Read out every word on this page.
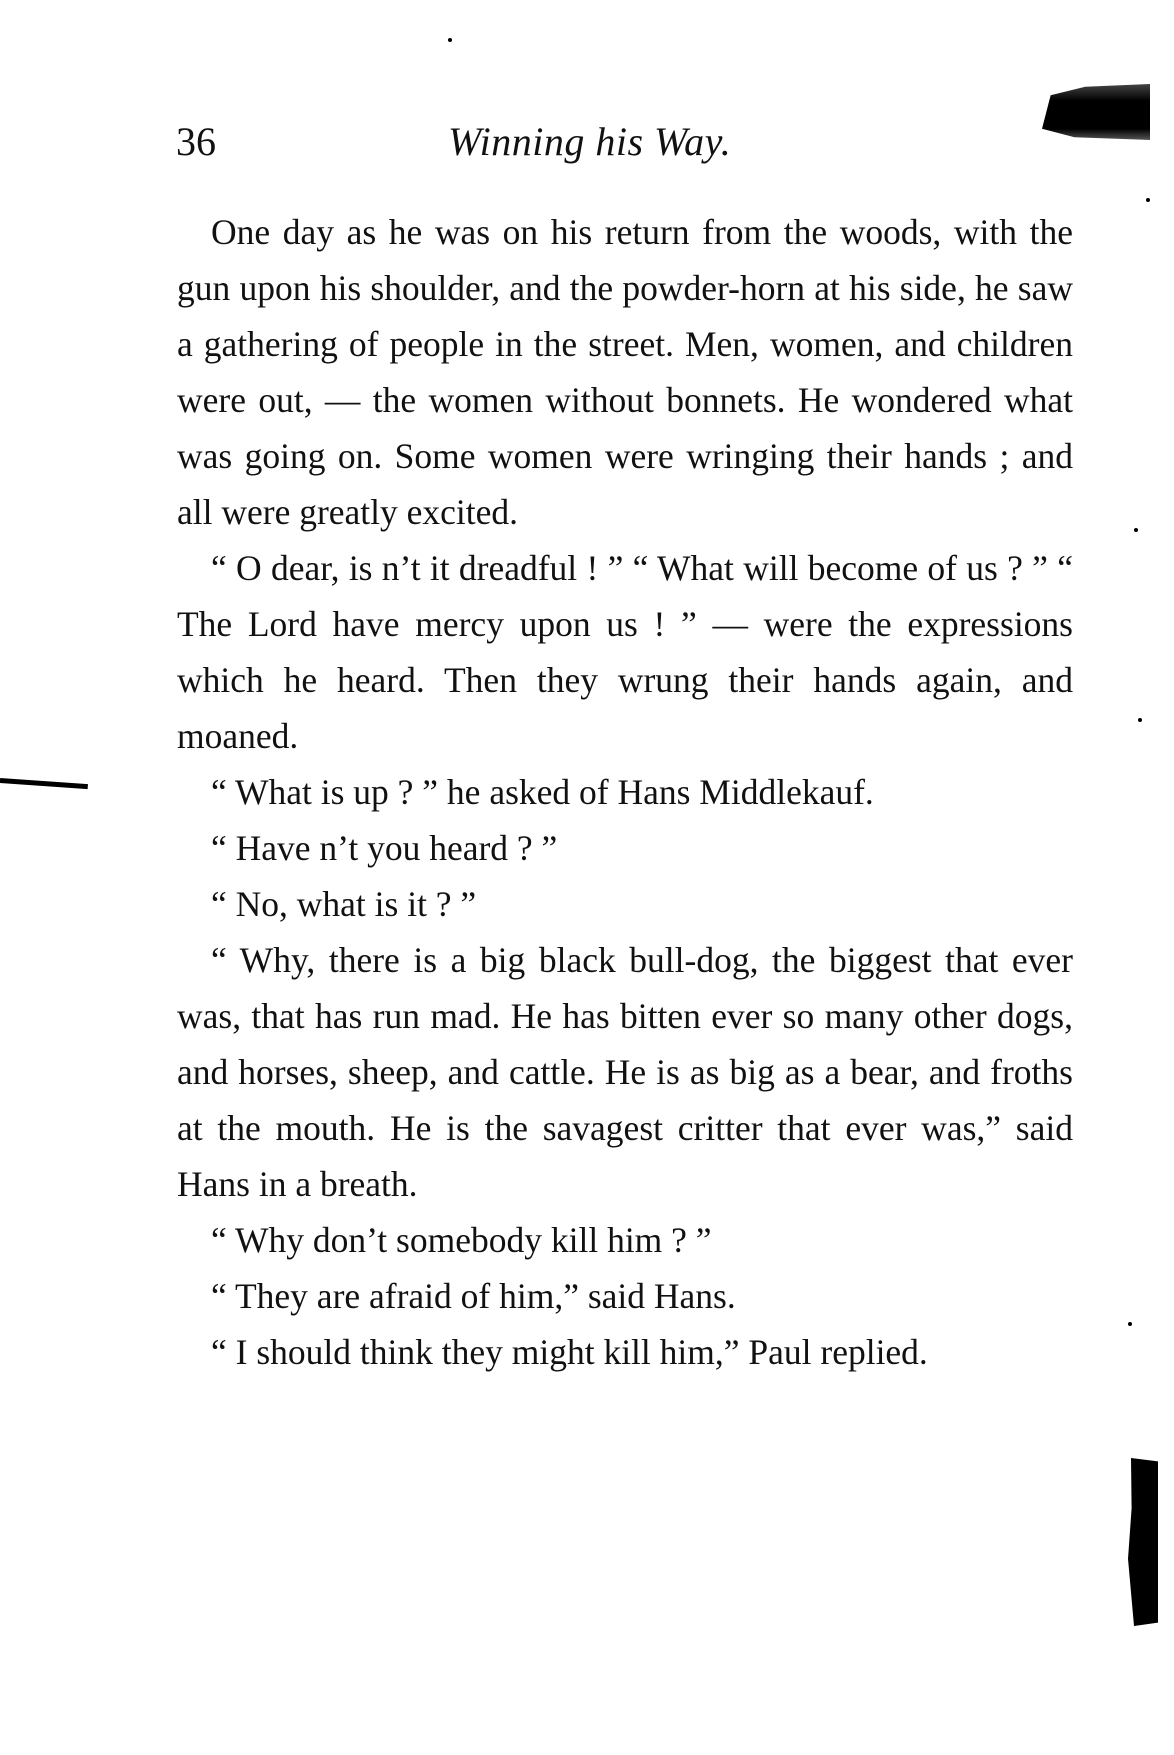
36	Winning his Way.

One day as he was on his return from the woods, with the gun upon his shoulder, and the powder-horn at his side, he saw a gathering of people in the street. Men, women, and children were out, — the women without bonnets. He wondered what was going on. Some women were wringing their hands ; and all were greatly excited.

“ O dear, is n’t it dreadful ! ” “ What will become of us ? ” “ The Lord have mercy upon us ! ” — were the expressions which he heard. Then they wrung their hands again, and moaned.

“ What is up ? ” he asked of Hans Middlekauf.

“ Have n’t you heard ? ”

“ No, what is it ? ”

“ Why, there is a big black bull-dog, the biggest that ever was, that has run mad. He has bitten ever so many other dogs, and horses, sheep, and cattle. He is as big as a bear, and froths at the mouth. He is the savagest critter that ever was,” said Hans in a breath.

“ Why don’t somebody kill him ? ”

“ They are afraid of him,” said Hans.

“ I should think they might kill him,” Paul replied.
